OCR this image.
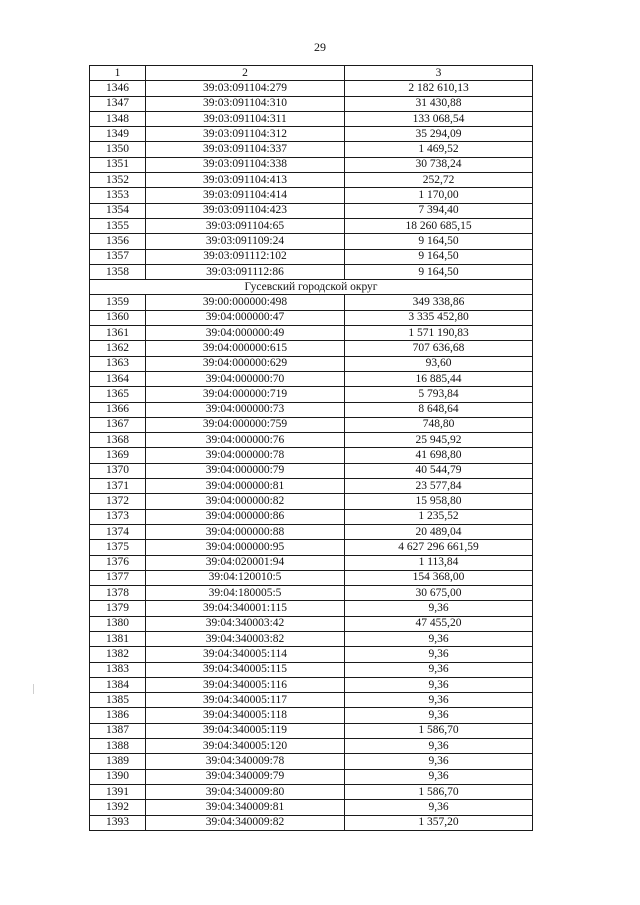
29
1	2	3
1346	39:03:091104:279	2 182 610,13
1347	39:03:091104:310	31 430,88
1348	39:03:091104:311	133 068,54
1349	39:03:091104:312	35 294,09
1350	39:03:091104:337	1 469,52
1351	39:03:091104:338	30 738,24
1352	39:03:091104:413	252,72
1353	39:03:091104:414	1 170,00
1354	39:03:091104:423	7 394,40
1355	39:03:091104:65	18 260 685,15
1356	39:03:091109:24	9 164,50
1357	39:03:091112:102	9 164,50
1358	39:03:091112:86	9 164,50
Гусевский городской округ		
1359	39:00:000000:498	349 338,86
1360	39:04:000000:47	3 335 452,80
1361	39:04:000000:49	1 571 190,83
1362	39:04:000000:615	707 636,68
1363	39:04:000000:629	93,60
1364	39:04:000000:70	16 885,44
1365	39:04:000000:719	5 793,84
1366	39:04:000000:73	8 648,64
1367	39:04:000000:759	748,80
1368	39:04:000000:76	25 945,92
1369	39:04:000000:78	41 698,80
1370	39:04:000000:79	40 544,79
1371	39:04:000000:81	23 577,84
1372	39:04:000000:82	15 958,80
1373	39:04:000000:86	1 235,52
1374	39:04:000000:88	20 489,04
1375	39:04:000000:95	4 627 296 661,59
1376	39:04:020001:94	1 113,84
1377	39:04:120010:5	154 368,00
1378	39:04:180005:5	30 675,00
1379	39:04:340001:115	9,36
1380	39:04:340003:42	47 455,20
1381	39:04:340003:82	9,36
1382	39:04:340005:114	9,36
1383	39:04:340005:115	9,36
1384	39:04:340005:116	9,36
1385	39:04:340005:117	9,36
1386	39:04:340005:118	9,36
1387	39:04:340005:119	1 586,70
1388	39:04:340005:120	9,36
1389	39:04:340009:78	9,36
1390	39:04:340009:79	9,36
1391	39:04:340009:80	1 586,70
1392	39:04:340009:81	9,36
1393	39:04:340009:82	1 357,20
